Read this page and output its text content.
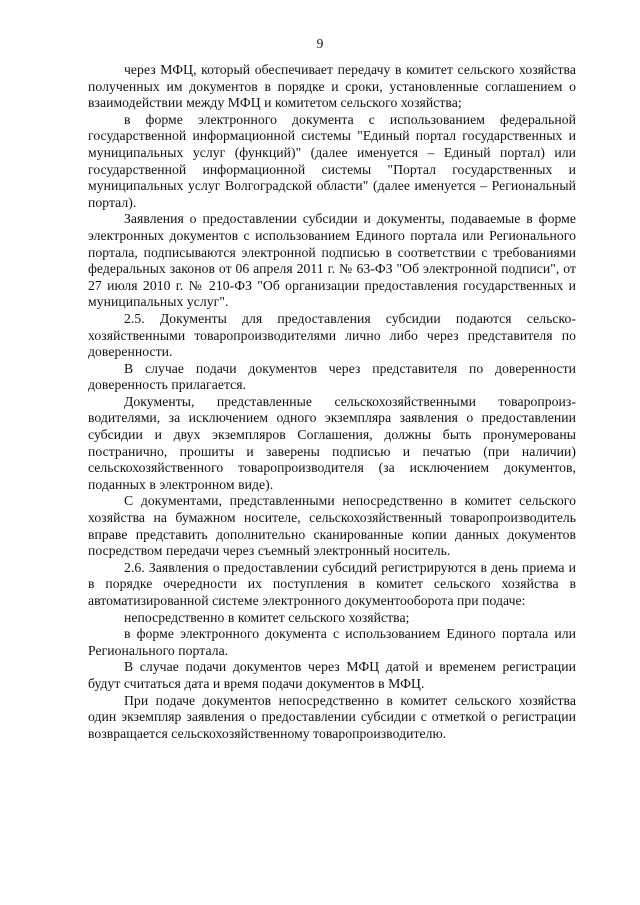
9

через МФЦ, который обеспечивает передачу в комитет сельского хозяйства полученных им документов в порядке и сроки, установленные соглашением о взаимодействии между МФЦ и комитетом сельского хозяйства;

в форме электронного документа с использованием федеральной государственной информационной системы "Единый портал государственных и муниципальных услуг (функций)" (далее именуется – Единый портал) или государственной информационной системы "Портал государственных и муниципальных услуг Волгоградской области" (далее именуется – Региональный портал).

Заявления о предоставлении субсидии и документы, подаваемые в форме электронных документов с использованием Единого портала или Регионального портала, подписываются электронной подписью в соответствии с требованиями федеральных законов от 06 апреля 2011 г. № 63-ФЗ "Об электронной подписи", от 27 июля 2010 г. № 210-ФЗ "Об организации предоставления государственных и муниципальных услуг".

2.5. Документы для предоставления субсидии подаются сельско-хозяйственными товаропроизводителями лично либо через представителя по доверенности.

В случае подачи документов через представителя по доверенности доверенность прилагается.

Документы, представленные сельскохозяйственными товаропроиз-водителями, за исключением одного экземпляра заявления о предоставлении субсидии и двух экземпляров Соглашения, должны быть пронумерованы постранично, прошиты и заверены подписью и печатью (при наличии) сельскохозяйственного товаропроизводителя (за исключением документов, поданных в электронном виде).

С документами, представленными непосредственно в комитет сельского хозяйства на бумажном носителе, сельскохозяйственный товаропроизводитель вправе представить дополнительно сканированные копии данных документов посредством передачи через съемный электронный носитель.

2.6. Заявления о предоставлении субсидий регистрируются в день приема и в порядке очередности их поступления в комитет сельского хозяйства в автоматизированной системе электронного документооборота при подаче:

непосредственно в комитет сельского хозяйства;

в форме электронного документа с использованием Единого портала или Регионального портала.

В случае подачи документов через МФЦ датой и временем регистрации будут считаться дата и время подачи документов в МФЦ.

При подаче документов непосредственно в комитет сельского хозяйства один экземпляр заявления о предоставлении субсидии с отметкой о регистрации возвращается сельскохозяйственному товаропроизводителю.
